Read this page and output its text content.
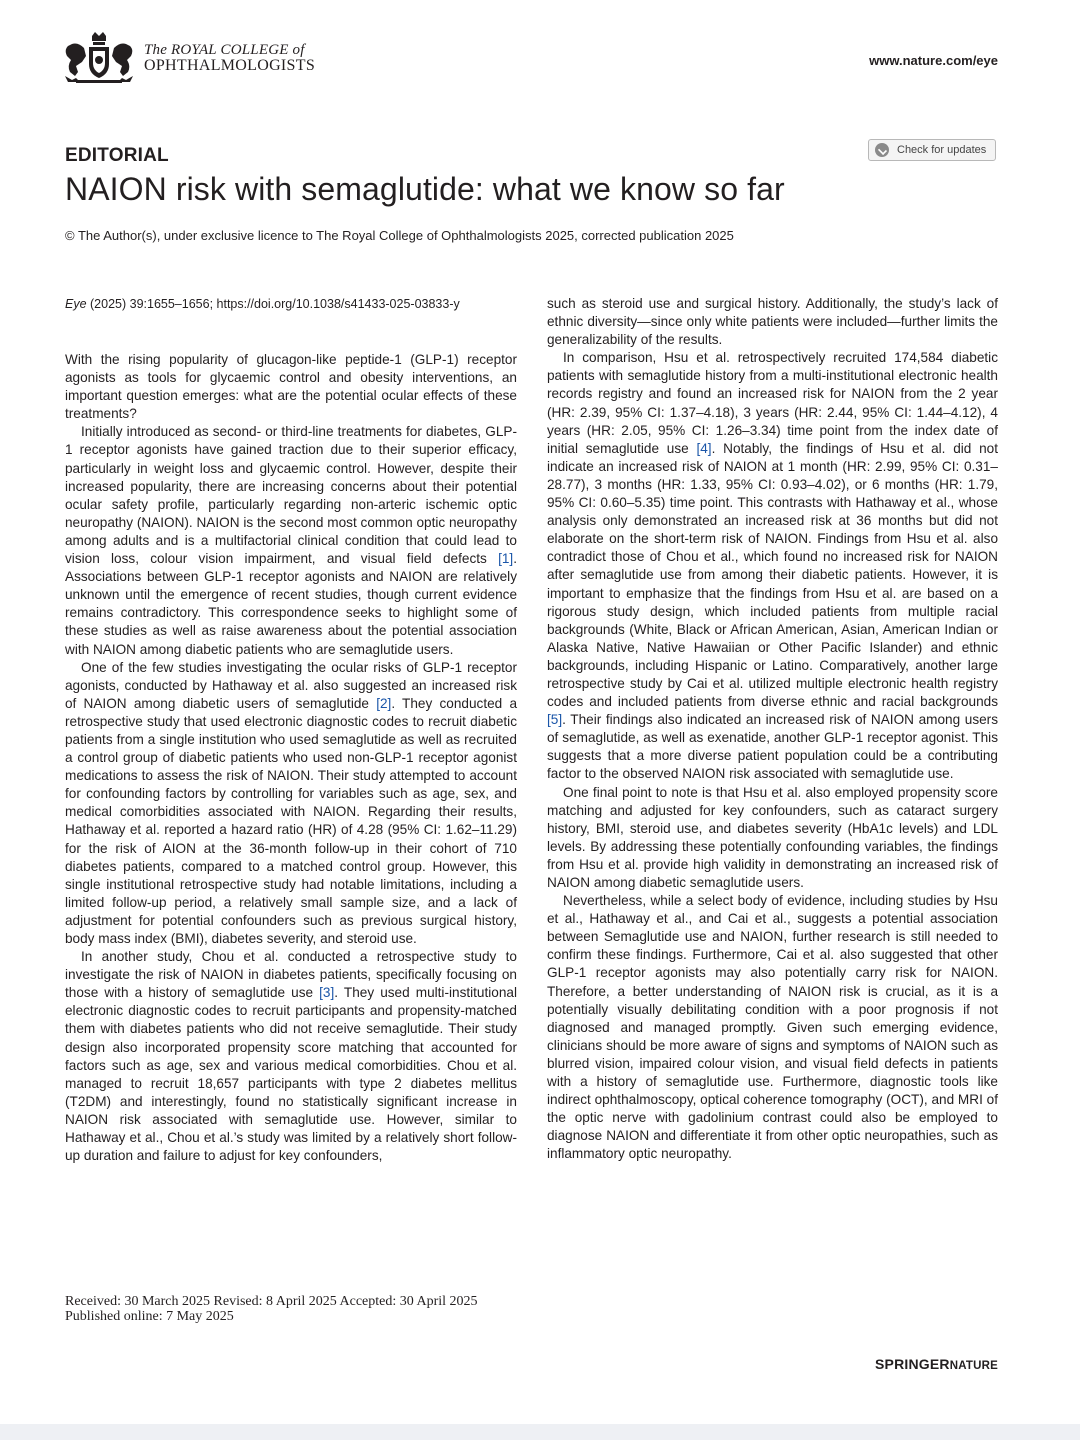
The ROYAL COLLEGE of
OPHTHALMOLOGISTS	www.nature.com/eye
Check for updates
EDITORIAL
NAION risk with semaglutide: what we know so far
© The Author(s), under exclusive licence to The Royal College of Ophthalmologists 2025, corrected publication 2025
Eye (2025) 39:1655–1656; https://doi.org/10.1038/s41433-025-03833-y

With the rising popularity of glucagon-like peptide-1 (GLP-1) receptor agonists as tools for glycaemic control and obesity interventions, an important question emerges: what are the potential ocular effects of these treatments?

Initially introduced as second- or third-line treatments for diabetes, GLP-1 receptor agonists have gained traction due to their superior efficacy, particularly in weight loss and glycaemic control. However, despite their increased popularity, there are increasing concerns about their potential ocular safety profile, particularly regarding non-arteric ischemic optic neuropathy (NAION). NAION is the second most common optic neuropathy among adults and is a multifactorial clinical condition that could lead to vision loss, colour vision impairment, and visual field defects [1]. Associations between GLP-1 receptor agonists and NAION are relatively unknown until the emergence of recent studies, though current evidence remains contradictory. This correspondence seeks to highlight some of these studies as well as raise awareness about the potential association with NAION among diabetic patients who are semaglutide users.

One of the few studies investigating the ocular risks of GLP-1 receptor agonists, conducted by Hathaway et al. also suggested an increased risk of NAION among diabetic users of semaglutide [2]. They conducted a retrospective study that used electronic diagnostic codes to recruit diabetic patients from a single institution who used semaglutide as well as recruited a control group of diabetic patients who used non-GLP-1 receptor agonist medications to assess the risk of NAION. Their study attempted to account for confounding factors by controlling for variables such as age, sex, and medical comorbidities associated with NAION. Regarding their results, Hathaway et al. reported a hazard ratio (HR) of 4.28 (95% CI: 1.62–11.29) for the risk of AION at the 36-month follow-up in their cohort of 710 diabetes patients, compared to a matched control group. However, this single institutional retrospective study had notable limitations, including a limited follow-up period, a relatively small sample size, and a lack of adjustment for potential confounders such as previous surgical history, body mass index (BMI), diabetes severity, and steroid use.

In another study, Chou et al. conducted a retrospective study to investigate the risk of NAION in diabetes patients, specifically focusing on those with a history of semaglutide use [3]. They used multi-institutional electronic diagnostic codes to recruit participants and propensity-matched them with diabetes patients who did not receive semaglutide. Their study design also incorporated propensity score matching that accounted for factors such as age, sex and various medical comorbidities. Chou et al. managed to recruit 18,657 participants with type 2 diabetes mellitus (T2DM) and interestingly, found no statistically significant increase in NAION risk associated with semaglutide use. However, similar to Hathaway et al., Chou et al.’s study was limited by a relatively short follow-up duration and failure to adjust for key confounders,

such as steroid use and surgical history. Additionally, the study’s lack of ethnic diversity—since only white patients were included—further limits the generalizability of the results.

In comparison, Hsu et al. retrospectively recruited 174,584 diabetic patients with semaglutide history from a multi-institutional electronic health records registry and found an increased risk for NAION from the 2 year (HR: 2.39, 95% CI: 1.37–4.18), 3 years (HR: 2.44, 95% CI: 1.44–4.12), 4 years (HR: 2.05, 95% CI: 1.26–3.34) time point from the index date of initial semaglutide use [4]. Notably, the findings of Hsu et al. did not indicate an increased risk of NAION at 1 month (HR: 2.99, 95% CI: 0.31–28.77), 3 months (HR: 1.33, 95% CI: 0.93–4.02), or 6 months (HR: 1.79, 95% CI: 0.60–5.35) time point. This contrasts with Hathaway et al., whose analysis only demonstrated an increased risk at 36 months but did not elaborate on the short-term risk of NAION. Findings from Hsu et al. also contradict those of Chou et al., which found no increased risk for NAION after semaglutide use from among their diabetic patients. However, it is important to emphasize that the findings from Hsu et al. are based on a rigorous study design, which included patients from multiple racial backgrounds (White, Black or African American, Asian, American Indian or Alaska Native, Native Hawaiian or Other Pacific Islander) and ethnic backgrounds, including Hispanic or Latino. Comparatively, another large retrospective study by Cai et al. utilized multiple electronic health registry codes and included patients from diverse ethnic and racial backgrounds [5]. Their findings also indicated an increased risk of NAION among users of semaglutide, as well as exenatide, another GLP-1 receptor agonist. This suggests that a more diverse patient population could be a contributing factor to the observed NAION risk associated with semaglutide use.

One final point to note is that Hsu et al. also employed propensity score matching and adjusted for key confounders, such as cataract surgery history, BMI, steroid use, and diabetes severity (HbA1c levels) and LDL levels. By addressing these potentially confounding variables, the findings from Hsu et al. provide high validity in demonstrating an increased risk of NAION among diabetic semaglutide users.

Nevertheless, while a select body of evidence, including studies by Hsu et al., Hathaway et al., and Cai et al., suggests a potential association between Semaglutide use and NAION, further research is still needed to confirm these findings. Furthermore, Cai et al. also suggested that other GLP-1 receptor agonists may also potentially carry risk for NAION. Therefore, a better understanding of NAION risk is crucial, as it is a potentially visually debilitating condition with a poor prognosis if not diagnosed and managed promptly. Given such emerging evidence, clinicians should be more aware of signs and symptoms of NAION such as blurred vision, impaired colour vision, and visual field defects in patients with a history of semaglutide use. Furthermore, diagnostic tools like indirect ophthalmoscopy, optical coherence tomography (OCT), and MRI of the optic nerve with gadolinium contrast could also be employed to diagnose NAION and differentiate it from other optic neuropathies, such as inflammatory optic neuropathy.

Received: 30 March 2025 Revised: 8 April 2025 Accepted: 30 April 2025
Published online: 7 May 2025
SPRINGERNATURE
